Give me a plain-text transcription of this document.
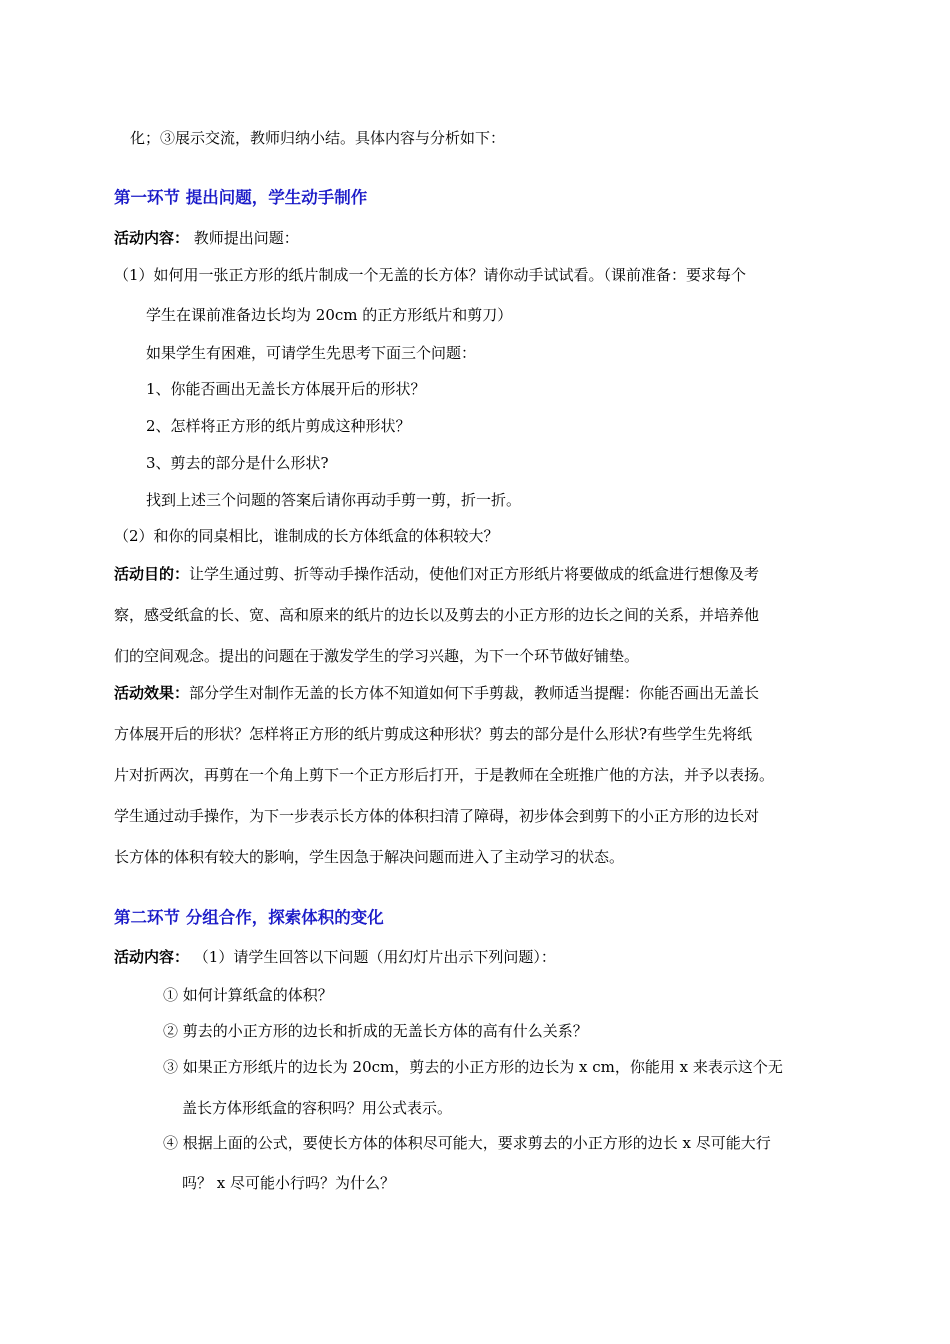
化；③展示交流，教师归纳小结。具体内容与分析如下：
第一环节 提出问题，学生动手制作
活动内容： 教师提出问题：
（1）如何用一张正方形的纸片制成一个无盖的长方体？请你动手试试看。（课前准备：要求每个
学生在课前准备边长均为 20cm 的正方形纸片和剪刀）
如果学生有困难，可请学生先思考下面三个问题：
1、你能否画出无盖长方体展开后的形状？
2、怎样将正方形的纸片剪成这种形状？
3、剪去的部分是什么形状?
找到上述三个问题的答案后请你再动手剪一剪，折一折。
（2）和你的同桌相比，谁制成的长方体纸盒的体积较大？
活动目的：让学生通过剪、折等动手操作活动，使他们对正方形纸片将要做成的纸盒进行想像及考
察，感受纸盒的长、宽、高和原来的纸片的边长以及剪去的小正方形的边长之间的关系，并培养他
们的空间观念。提出的问题在于激发学生的学习兴趣，为下一个环节做好铺垫。
活动效果：部分学生对制作无盖的长方体不知道如何下手剪裁，教师适当提醒：你能否画出无盖长
方体展开后的形状？怎样将正方形的纸片剪成这种形状？剪去的部分是什么形状?有些学生先将纸
片对折两次，再剪在一个角上剪下一个正方形后打开，于是教师在全班推广他的方法，并予以表扬。
学生通过动手操作，为下一步表示长方体的体积扫清了障碍，初步体会到剪下的小正方形的边长对
长方体的体积有较大的影响，学生因急于解决问题而进入了主动学习的状态。
第二环节 分组合作，探索体积的变化
活动内容： （1）请学生回答以下问题（用幻灯片出示下列问题）：
① 如何计算纸盒的体积？
② 剪去的小正方形的边长和折成的无盖长方体的高有什么关系？
③ 如果正方形纸片的边长为 20cm，剪去的小正方形的边长为 x cm，你能用 x 来表示这个无
盖长方体形纸盒的容积吗？用公式表示。
④ 根据上面的公式，要使长方体的体积尽可能大，要求剪去的小正方形的边长 x 尽可能大行
吗？ x 尽可能小行吗？为什么？
